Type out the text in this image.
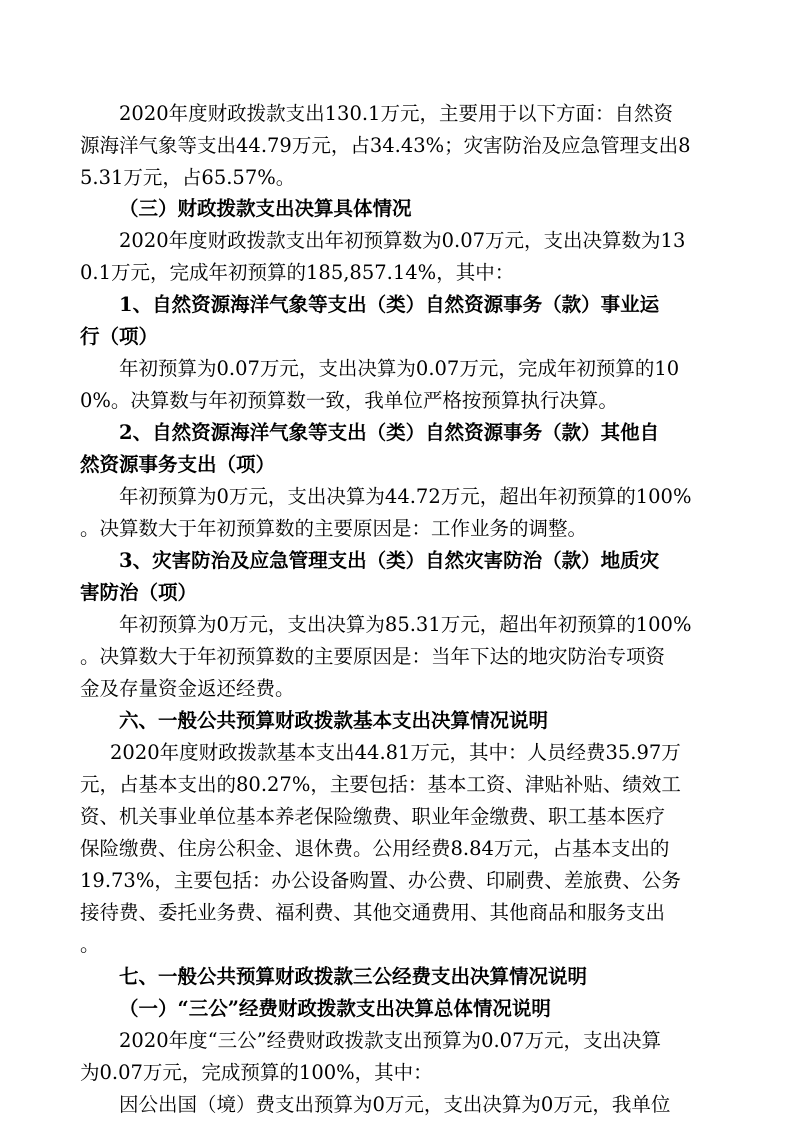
2020年度财政拨款支出130.1万元，主要用于以下方面：自然资
源海洋气象等支出44.79万元，占34.43%；灾害防治及应急管理支出8
5.31万元，占65.57%。
（三）财政拨款支出决算具体情况
2020年度财政拨款支出年初预算数为0.07万元，支出决算数为13
0.1万元，完成年初预算的185,857.14%，其中：
1、自然资源海洋气象等支出（类）自然资源事务（款）事业运
行（项）
年初预算为0.07万元，支出决算为0.07万元，完成年初预算的10
0%。决算数与年初预算数一致，我单位严格按预算执行决算。
2、自然资源海洋气象等支出（类）自然资源事务（款）其他自
然资源事务支出（项）
年初预算为0万元，支出决算为44.72万元，超出年初预算的100%
。决算数大于年初预算数的主要原因是：工作业务的调整。
3、灾害防治及应急管理支出（类）自然灾害防治（款）地质灾
害防治（项）
年初预算为0万元，支出决算为85.31万元，超出年初预算的100%
。决算数大于年初预算数的主要原因是：当年下达的地灾防治专项资
金及存量资金返还经费。
六、一般公共预算财政拨款基本支出决算情况说明
2020年度财政拨款基本支出44.81万元，其中：人员经费35.97万
元，占基本支出的80.27%，主要包括：基本工资、津贴补贴、绩效工
资、机关事业单位基本养老保险缴费、职业年金缴费、职工基本医疗
保险缴费、住房公积金、退休费。公用经费8.84万元，占基本支出的
19.73%，主要包括：办公设备购置、办公费、印刷费、差旅费、公务
接待费、委托业务费、福利费、其他交通费用、其他商品和服务支出
。
七、一般公共预算财政拨款三公经费支出决算情况说明
（一）“三公”经费财政拨款支出决算总体情况说明
2020年度“三公”经费财政拨款支出预算为0.07万元，支出决算
为0.07万元，完成预算的100%，其中：
因公出国（境）费支出预算为0万元，支出决算为0万元，我单位
